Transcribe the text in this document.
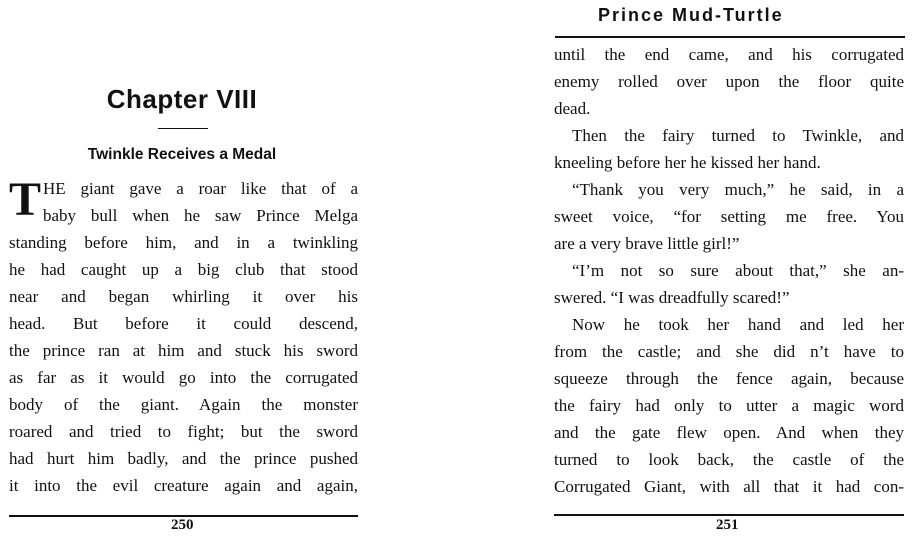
Chapter VIII
Twinkle Receives a Medal
T HE giant gave a roar like that of a
baby bull when he saw Prince Melga
standing before him, and in a twinkling
he had caught up a big club that stood
near and began whirling it over his
head. But before it could descend,
the prince ran at him and stuck his sword
as far as it would go into the corrugated
body of the giant. Again the monster
roared and tried to fight; but the sword
had hurt him badly, and the prince pushed
it into the evil creature again and again,
250
Prince Mud-Turtle
until the end came, and his corrugated
enemy rolled over upon the floor quite
dead.
Then the fairy turned to Twinkle, and
kneeling before her he kissed her hand.
“Thank you very much,” he said, in a
sweet voice, “for setting me free. You
are a very brave little girl!”
“I’m not so sure about that,” she an-
swered. “I was dreadfully scared!”
Now he took her hand and led her
from the castle; and she did n’t have to
squeeze through the fence again, because
the fairy had only to utter a magic word
and the gate flew open. And when they
turned to look back, the castle of the
Corrugated Giant, with all that it had con-
251
